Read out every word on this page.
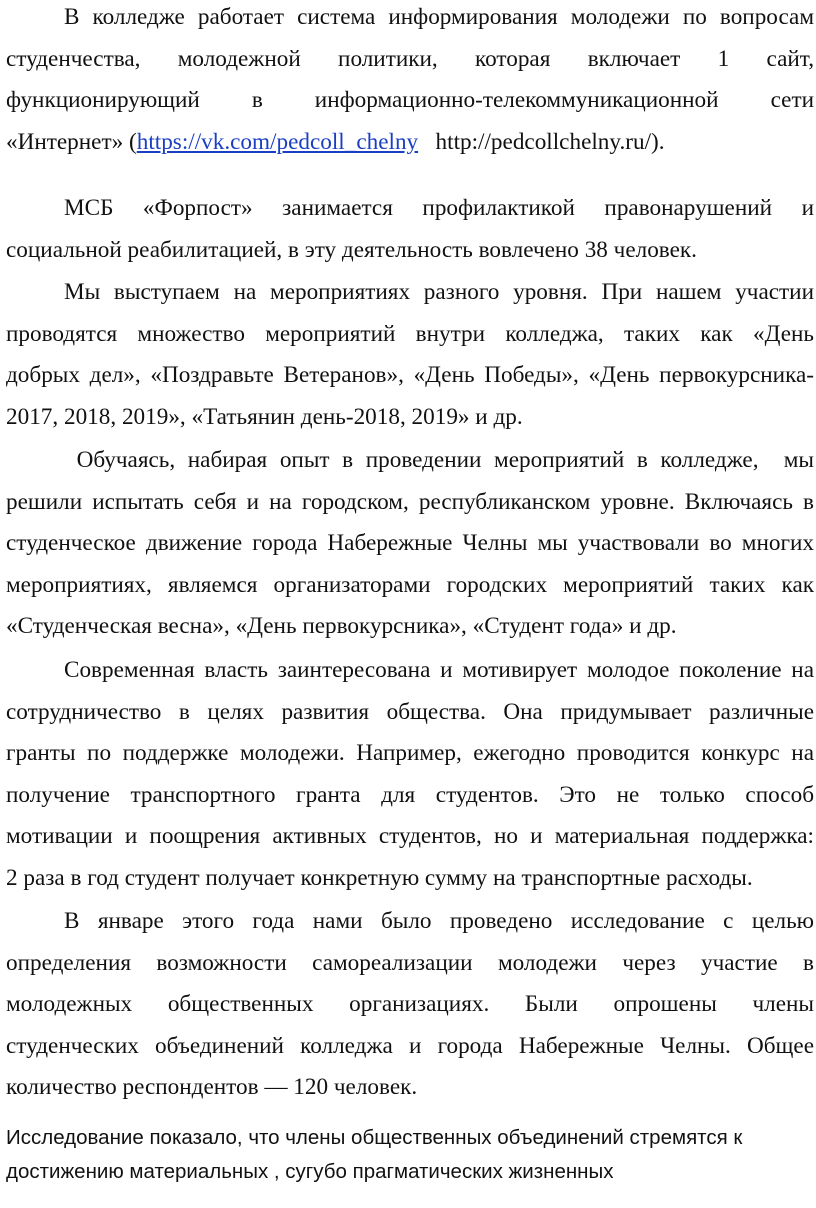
В колледже работает система информирования молодежи по вопросам
студенчества, молодежной политики, которая включает 1 сайт,
функционирующий в информационно-телекоммуникационной сети
«Интернет» (https://vk.com/pedcoll_chelny   http://pedcollchelny.ru/).
МСБ «Форпост» занимается профилактикой правонарушений и
социальной реабилитацией, в эту деятельность вовлечено 38 человек.
Мы выступаем на мероприятиях разного уровня. При нашем участии
проводятся множество мероприятий внутри колледжа, таких как «День
добрых дел», «Поздравьте Ветеранов», «День Победы», «День первокурсника-
2017, 2018, 2019», «Татьянин день-2018, 2019» и др.
Обучаясь, набирая опыт в проведении мероприятий в колледже,  мы
решили испытать себя и на городском, республиканском уровне. Включаясь в
студенческое движение города Набережные Челны мы участвовали во многих
мероприятиях, являемся организаторами городских мероприятий таких как
«Студенческая весна», «День первокурсника», «Студент года» и др.
Современная власть заинтересована и мотивирует молодое поколение на
сотрудничество в целях развития общества. Она придумывает различные
гранты по поддержке молодежи. Например, ежегодно проводится конкурс на
получение транспортного гранта для студентов. Это не только способ
мотивации и поощрения активных студентов, но и материальная поддержка:
2 раза в год студент получает конкретную сумму на транспортные расходы.
В январе этого года нами было проведено исследование с целью
определения возможности самореализации молодежи через участие в
молодежных общественных организациях. Были опрошены члены
студенческих объединений колледжа и города Набережные Челны. Общее
количество респондентов — 120 человек.
Исследование показало, что члены общественных объединений стремятся к
достижению материальных , сугубо прагматических жизненных
